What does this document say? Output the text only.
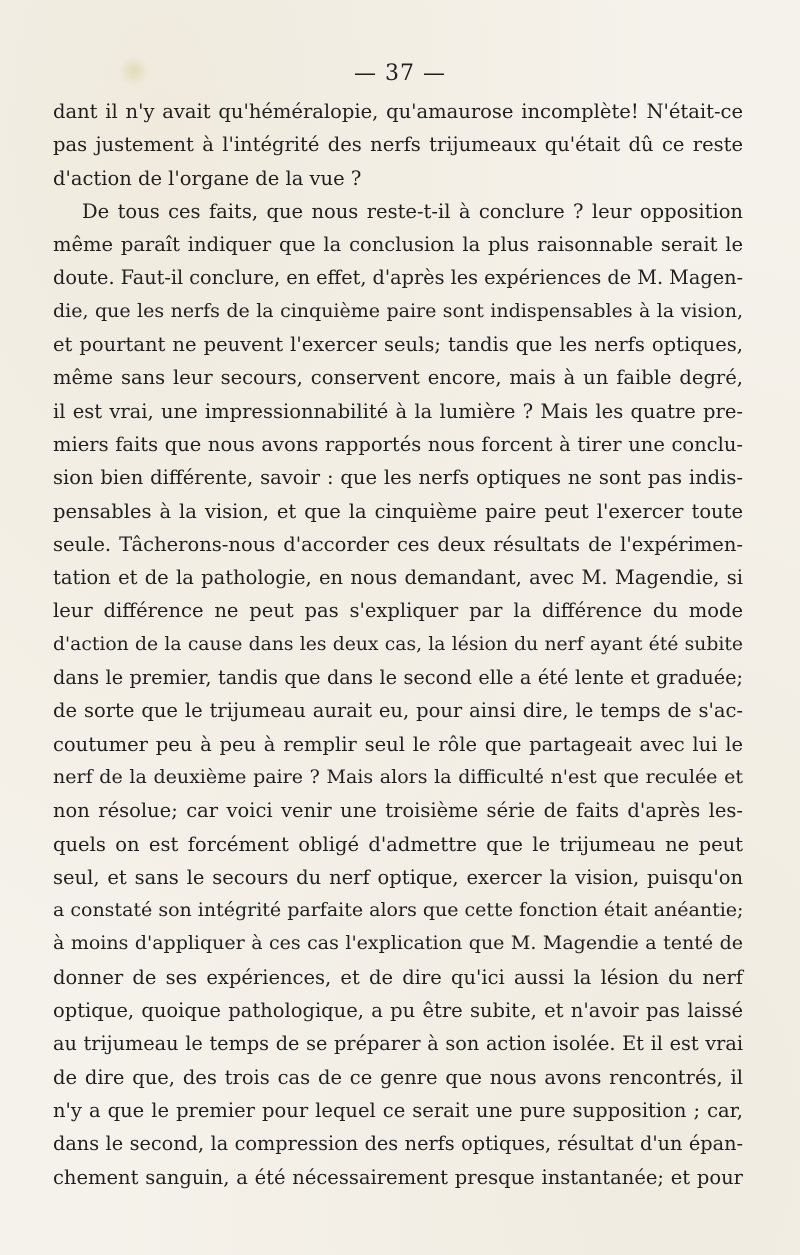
— 37 —
dant il n'y avait qu'héméralopie, qu'amaurose incomplète! N'était-ce
pas justement à l'intégrité des nerfs trijumeaux qu'était dû ce reste
d'action de l'organe de la vue ?
De tous ces faits, que nous reste-t-il à conclure ? leur opposition
même paraît indiquer que la conclusion la plus raisonnable serait le
doute. Faut-il conclure, en effet, d'après les expériences de M. Magen-
die, que les nerfs de la cinquième paire sont indispensables à la vision,
et pourtant ne peuvent l'exercer seuls; tandis que les nerfs optiques,
même sans leur secours, conservent encore, mais à un faible degré,
il est vrai, une impressionnabilité à la lumière ? Mais les quatre pre-
miers faits que nous avons rapportés nous forcent à tirer une conclu-
sion bien différente, savoir : que les nerfs optiques ne sont pas indis-
pensables à la vision, et que la cinquième paire peut l'exercer toute
seule. Tâcherons-nous d'accorder ces deux résultats de l'expérimen-
tation et de la pathologie, en nous demandant, avec M. Magendie, si
leur différence ne peut pas s'expliquer par la différence du mode
d'action de la cause dans les deux cas, la lésion du nerf ayant été subite
dans le premier, tandis que dans le second elle a été lente et graduée;
de sorte que le trijumeau aurait eu, pour ainsi dire, le temps de s'ac-
coutumer peu à peu à remplir seul le rôle que partageait avec lui le
nerf de la deuxième paire ? Mais alors la difficulté n'est que reculée et
non résolue; car voici venir une troisième série de faits d'après les-
quels on est forcément obligé d'admettre que le trijumeau ne peut
seul, et sans le secours du nerf optique, exercer la vision, puisqu'on
a constaté son intégrité parfaite alors que cette fonction était anéantie;
à moins d'appliquer à ces cas l'explication que M. Magendie a tenté de
donner de ses expériences, et de dire qu'ici aussi la lésion du nerf
optique, quoique pathologique, a pu être subite, et n'avoir pas laissé
au trijumeau le temps de se préparer à son action isolée. Et il est vrai
de dire que, des trois cas de ce genre que nous avons rencontrés, il
n'y a que le premier pour lequel ce serait une pure supposition ; car,
dans le second, la compression des nerfs optiques, résultat d'un épan-
chement sanguin, a été nécessairement presque instantanée; et pour
